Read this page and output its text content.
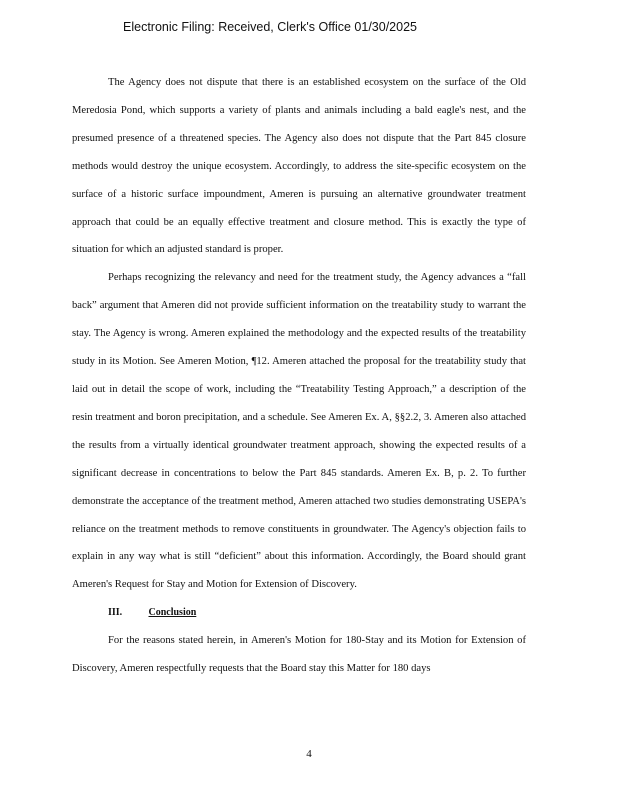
Electronic Filing: Received, Clerk's Office 01/30/2025

The Agency does not dispute that there is an established ecosystem on the surface of the Old Meredosia Pond, which supports a variety of plants and animals including a bald eagle's nest, and the presumed presence of a threatened species. The Agency also does not dispute that the Part 845 closure methods would destroy the unique ecosystem. Accordingly, to address the site-specific ecosystem on the surface of a historic surface impoundment, Ameren is pursuing an alternative groundwater treatment approach that could be an equally effective treatment and closure method. This is exactly the type of situation for which an adjusted standard is proper.

Perhaps recognizing the relevancy and need for the treatment study, the Agency advances a “fall back” argument that Ameren did not provide sufficient information on the treatability study to warrant the stay. The Agency is wrong. Ameren explained the methodology and the expected results of the treatability study in its Motion. See Ameren Motion, ¶12. Ameren attached the proposal for the treatability study that laid out in detail the scope of work, including the “Treatability Testing Approach,” a description of the resin treatment and boron precipitation, and a schedule. See Ameren Ex. A, §§2.2, 3. Ameren also attached the results from a virtually identical groundwater treatment approach, showing the expected results of a significant decrease in concentrations to below the Part 845 standards. Ameren Ex. B, p. 2. To further demonstrate the acceptance of the treatment method, Ameren attached two studies demonstrating USEPA's reliance on the treatment methods to remove constituents in groundwater. The Agency's objection fails to explain in any way what is still “deficient” about this information. Accordingly, the Board should grant Ameren's Request for Stay and Motion for Extension of Discovery.

III.	Conclusion

For the reasons stated herein, in Ameren's Motion for 180-Stay and its Motion for Extension of Discovery, Ameren respectfully requests that the Board stay this Matter for 180 days

4
